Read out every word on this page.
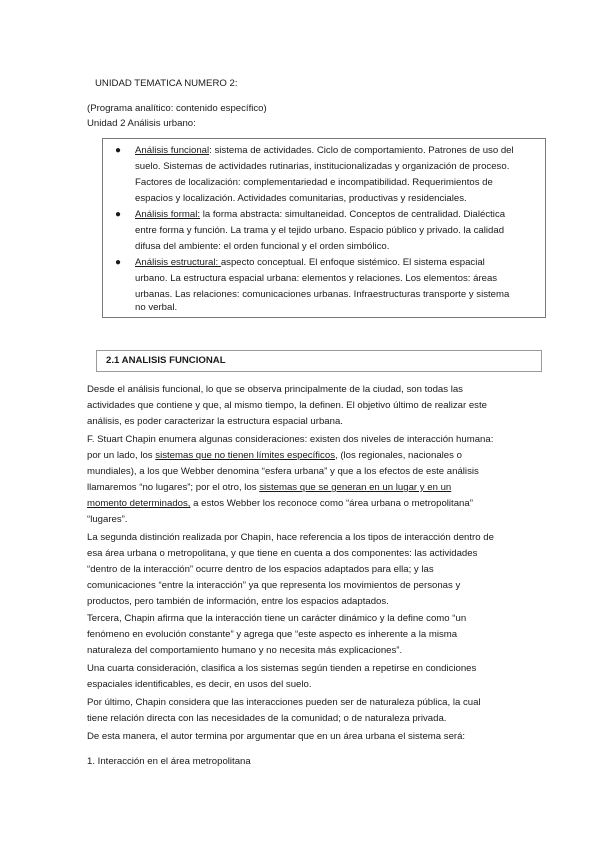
UNIDAD TEMATICA NUMERO 2:
(Programa analítico: contenido específico)
Unidad 2 Análisis urbano:
● Análisis funcional: sistema de actividades. Ciclo de comportamiento. Patrones de uso del
suelo. Sistemas de actividades rutinarias, institucionalizadas y organización de proceso.
Factores de localización: complementariedad e incompatibilidad. Requerimientos de
espacios y localización. Actividades comunitarias, productivas y residenciales.
● Análisis formal: la forma abstracta: simultaneidad. Conceptos de centralidad. Dialéctica
entre forma y función. La trama y el tejido urbano. Espacio público y privado. la calidad
difusa del ambiente: el orden funcional y el orden simbólico.
● Análisis estructural: aspecto conceptual. El enfoque sistémico. El sistema espacial
urbano. La estructura espacial urbana: elementos y relaciones. Los elementos: áreas
urbanas. Las relaciones: comunicaciones urbanas. Infraestructuras transporte y sistema
no verbal.
2.1 ANALISIS FUNCIONAL
Desde el análisis funcional, lo que se observa principalmente de la ciudad, son todas las
actividades que contiene y que, al mismo tiempo, la definen. El objetivo último de realizar este
análisis, es poder caracterizar la estructura espacial urbana.
F. Stuart Chapin enumera algunas consideraciones: existen dos niveles de interacción humana:
por un lado, los sistemas que no tienen límites específicos, (los regionales, nacionales o
mundiales), a los que Webber denomina “esfera urbana” y que a los efectos de este análisis
llamaremos “no lugares”; por el otro, los sistemas que se generan en un lugar y en un
momento determinados, a estos Webber los reconoce como “área urbana o metropolitana”
“lugares”.
La segunda distinción realizada por Chapin, hace referencia a los tipos de interacción dentro de
esa área urbana o metropolitana, y que tiene en cuenta a dos componentes: las actividades
“dentro de la interacción” ocurre dentro de los espacios adaptados para ella; y las
comunicaciones “entre la interacción” ya que representa los movimientos de personas y
productos, pero también de información, entre los espacios adaptados.
Tercera, Chapin afirma que la interacción tiene un carácter dinámico y la define como “un
fenómeno en evolución constante” y agrega que “este aspecto es inherente a la misma
naturaleza del comportamiento humano y no necesita más explicaciones”.
Una cuarta consideración, clasifica a los sistemas según tienden a repetirse en condiciones
espaciales identificables, es decir, en usos del suelo.
Por último, Chapin considera que las interacciones pueden ser de naturaleza pública, la cual
tiene relación directa con las necesidades de la comunidad; o de naturaleza privada.
De esta manera, el autor termina por argumentar que en un área urbana el sistema será:
1. Interacción en el área metropolitana
